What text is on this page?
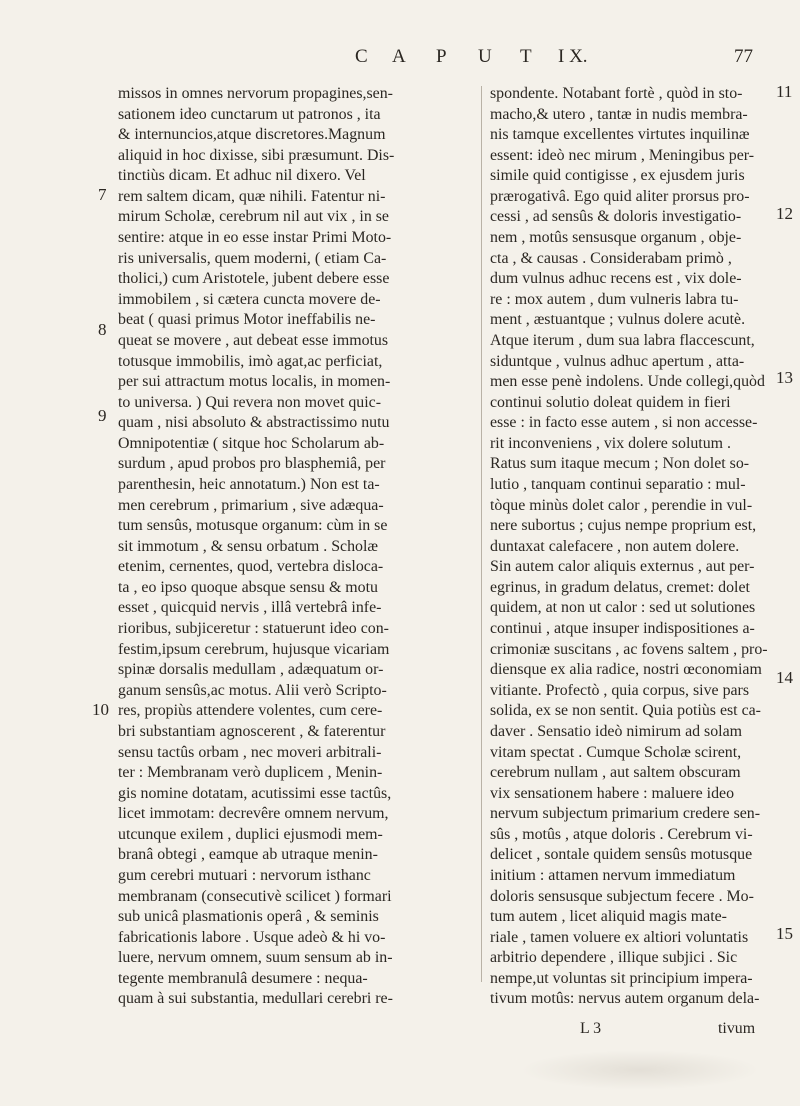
C A P U T I X.	77
missos in omnes nervorum propagines,sen-
sationem ideo cunctarum ut patronos , ita
& internuncios,atque discretores.Magnum
aliquid in hoc dixisse, sibi præsumunt. Dis-
tinctiùs dicam. Et adhuc nil dixero. Vel
rem saltem dicam, quæ nihili. Fatentur ni-
mirum Scholæ, cerebrum nil aut vix , in se
sentire: atque in eo esse instar Primi Moto-
ris universalis, quem moderni, ( etiam Ca-
tholici,) cum Aristotele, jubent debere esse
immobilem , si cætera cuncta movere de-
beat ( quasi primus Motor ineffabilis ne-
queat se movere , aut debeat esse immotus
totusque immobilis, imò agat,ac perficiat,
per sui attractum motus localis, in momen-
to universa. ) Qui revera non movet quic-
quam , nisi absoluto & abstractissimo nutu
Omnipotentiæ ( sitque hoc Scholarum ab-
surdum , apud probos pro blasphemiâ, per
parenthesin, heic annotatum.) Non est ta-
men cerebrum , primarium , sive adæqua-
tum sensûs, motusque organum: cùm in se
sit immotum , & sensu orbatum . Scholæ
etenim, cernentes, quod, vertebra disloca-
ta , eo ipso quoque absque sensu & motu
esset , quicquid nervis , illâ vertebrâ infe-
rioribus, subjiceretur : statuerunt ideo con-
festim,ipsum cerebrum, hujusque vicariam
spinæ dorsalis medullam , adæquatum or-
ganum sensûs,ac motus. Alii verò Scripto-
res, propiùs attendere volentes, cum cere-
bri substantiam agnoscerent , & faterentur
sensu tactûs orbam , nec moveri arbitrali-
ter : Membranam verò duplicem , Menin-
gis nomine dotatam, acutissimi esse tactûs,
licet immotam: decrevêre omnem nervum,
utcunque exilem , duplici ejusmodi mem-
branâ obtegi , eamque ab utraque menin-
gum cerebri mutuari : nervorum isthanc
membranam (consecutivè scilicet ) formari
sub unicâ plasmationis operâ , & seminis
fabricationis labore . Usque adeò & hi vo-
luere, nervum omnem, suum sensum ab in-
tegente membranulâ desumere : nequa-
quam à sui substantia, medullari cerebri re-
spondente. Notabant fortè , quòd in sto-
macho,& utero , tantæ in nudis membra-
nis tamque excellentes virtutes inquilinæ
essent: ideò nec mirum , Meningibus per-
simile quid contigisse , ex ejusdem juris
prærogativâ. Ego quid aliter prorsus pro-
cessi , ad sensûs & doloris investigatio-
nem , motûs sensusque organum , obje-
cta , & causas . Considerabam primò ,
dum vulnus adhuc recens est , vix dole-
re : mox autem , dum vulneris labra tu-
ment , æstuantque ; vulnus dolere acutè.
Atque iterum , dum sua labra flaccescunt,
siduntque , vulnus adhuc apertum , atta-
men esse penè indolens. Unde collegi,quòd
continui solutio doleat quidem in fieri
esse : in facto esse autem , si non accesse-
rit inconveniens , vix dolere solutum .
Ratus sum itaque mecum ; Non dolet so-
lutio , tanquam continui separatio : mul-
tòque minùs dolet calor , perendie in vul-
nere subortus ; cujus nempe proprium est,
duntaxat calefacere , non autem dolere.
Sin autem calor aliquis externus , aut per-
egrinus, in gradum delatus, cremet: dolet
quidem, at non ut calor : sed ut solutiones
continui , atque insuper indispositiones a-
crimoniæ suscitans , ac fovens saltem , pro-
diensque ex alia radice, nostri œconomiam
vitiante. Profectò , quia corpus, sive pars
solida, ex se non sentit. Quia potiùs est ca-
daver . Sensatio ideò nimirum ad solam
vitam spectat . Cumque Scholæ scirent,
cerebrum nullam , aut saltem obscuram
vix sensationem habere : maluere ideo
nervum subjectum primarium credere sen-
sûs , motûs , atque doloris . Cerebrum vi-
delicet , sontale quidem sensûs motusque
initium : attamen nervum immediatum
doloris sensusque subjectum fecere . Mo-
tum autem , licet aliquid magis mate-
riale , tamen voluere ex altiori voluntatis
arbitrio dependere , illique subjici . Sic
nempe,ut voluntas sit principium impera-
tivum motûs: nervus autem organum dela-
7
8
9
10
11
12
13
14
15
L 3	tivum
